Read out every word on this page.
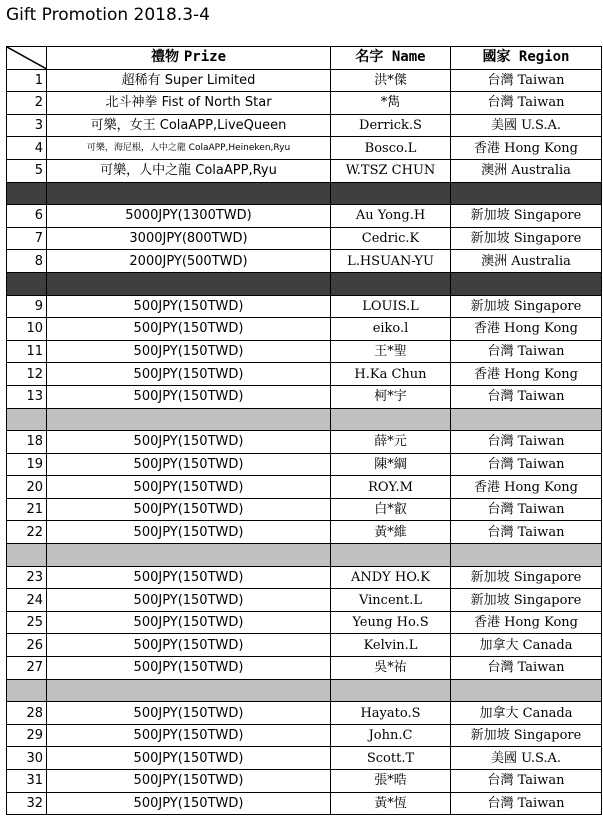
Gift Promotion 2018.3-4
	禮物 Prize	名字 Name	國家 Region
1	超稀有 Super Limited	洪*傑	台灣 Taiwan
2	北斗神拳 Fist of North Star	*雋	台灣 Taiwan
3	可樂，女王 ColaAPP,LiveQueen	Derrick.S	美國 U.S.A.
4	可樂，海尼根，人中之龍 ColaAPP,Heineken,Ryu	Bosco.L	香港 Hong Kong
5	可樂，人中之龍 ColaAPP,Ryu	W.TSZ CHUN	澳洲 Australia

6	5000JPY(1300TWD)	Au Yong.H	新加坡 Singapore
7	3000JPY(800TWD)	Cedric.K	新加坡 Singapore
8	2000JPY(500TWD)	L.HSUAN-YU	澳洲 Australia

9	500JPY(150TWD)	LOUIS.L	新加坡 Singapore
10	500JPY(150TWD)	eiko.l	香港 Hong Kong
11	500JPY(150TWD)	王*聖	台灣 Taiwan
12	500JPY(150TWD)	H.Ka Chun	香港 Hong Kong
13	500JPY(150TWD)	柯*宇	台灣 Taiwan

18	500JPY(150TWD)	薛*元	台灣 Taiwan
19	500JPY(150TWD)	陳*綱	台灣 Taiwan
20	500JPY(150TWD)	ROY.M	香港 Hong Kong
21	500JPY(150TWD)	白*叡	台灣 Taiwan
22	500JPY(150TWD)	黃*維	台灣 Taiwan

23	500JPY(150TWD)	ANDY HO.K	新加坡 Singapore
24	500JPY(150TWD)	Vincent.L	新加坡 Singapore
25	500JPY(150TWD)	Yeung Ho.S	香港 Hong Kong
26	500JPY(150TWD)	Kelvin.L	加拿大 Canada
27	500JPY(150TWD)	吳*祐	台灣 Taiwan

28	500JPY(150TWD)	Hayato.S	加拿大 Canada
29	500JPY(150TWD)	John.C	新加坡 Singapore
30	500JPY(150TWD)	Scott.T	美國 U.S.A.
31	500JPY(150TWD)	張*晧	台灣 Taiwan
32	500JPY(150TWD)	黃*恆	台灣 Taiwan
